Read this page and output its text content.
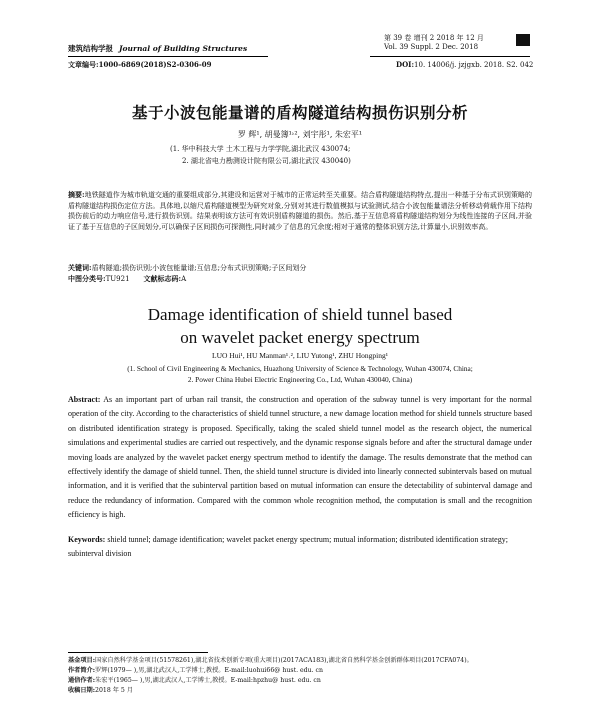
建筑结构学报 Journal of Building Structures
第 39 卷 增刊 2 2018 年 12 月
Vol. 39 Suppl. 2 Dec. 2018
文章编号:1000-6869(2018)S2-0306-09	DOI:10. 14006/j. jzjgxb. 2018. S2. 042
基于小波包能量谱的盾构隧道结构损伤识别分析
罗 辉¹, 胡曼簿¹˒², 刘宇彤¹, 朱宏平¹
(1. 华中科技大学 土木工程与力学学院,湖北武汉 430074;
2. 湖北省电力勘测设计院有限公司,湖北武汉 430040)
摘要:地铁隧道作为城市轨道交通的重要组成部分,其建设和运营对于城市的正常运转至关重要。结合盾构隧道结构特点,提出一种基于分布式识别策略的盾构隧道结构损伤定位方法。具体地,以缩尺盾构隧道模型为研究对象,分别对其进行数值模拟与试验测试,结合小波包能量谱法分析移动荷载作用下结构损伤前后的动力响应信号,进行损伤识别。结果表明该方法可有效识别盾构隧道的损伤。然后,基于互信息将盾构隧道结构划分为线性连接的子区间,并验证了基于互信息的子区间划分,可以确保子区间损伤可探测性,同时减少了信息的冗余度;相对于通常的整体识别方法,计算量小,识别效率高。
关键词:盾构隧道;损伤识别;小波包能量谱;互信息;分布式识别策略;子区间划分
中图分类号:TU921 文献标志码:A
Damage identification of shield tunnel based
on wavelet packet energy spectrum
LUO Hui¹, HU Manman¹˒², LIU Yutong¹, ZHU Hongping¹
(1. School of Civil Engineering & Mechanics, Huazhong University of Science & Technology, Wuhan 430074, China;
2. Power China Hubei Electric Engineering Co., Ltd, Wuhan 430040, China)
Abstract: As an important part of urban rail transit, the construction and operation of the subway tunnel is very important for the normal operation of the city. According to the characteristics of shield tunnel structure, a new damage location method for shield tunnels structure based on distributed identification strategy is proposed. Specifically, taking the scaled shield tunnel model as the research object, the numerical simulations and experimental studies are carried out respectively, and the dynamic response signals before and after the structural damage under moving loads are analyzed by the wavelet packet energy spectrum method to identify the damage. The results demonstrate that the method can effectively identify the damage of shield tunnel. Then, the shield tunnel structure is divided into linearly connected subintervals based on mutual information, and it is verified that the subinterval partition based on mutual information can ensure the detectability of subinterval damage and reduce the redundancy of information. Compared with the common whole recognition method, the computation is small and the recognition efficiency is high.
Keywords: shield tunnel; damage identification; wavelet packet energy spectrum; mutual information; distributed identification strategy; subinterval division
基金项目:国家自然科学基金项目(51578261),湖北省技术创新专项(重大项目)(2017ACA183),湖北省自然科学基金创新群体项目(2017CFA074)。
作者简介:罗辉(1979— ),男,湖北武汉人,工学博士,教授。E-mail:luohui66@ hust. edu. cn
通信作者:朱宏平(1965— ),男,湖北武汉人,工学博士,教授。E-mail:hpzhu@ hust. edu. cn
收稿日期:2018 年 5 月
